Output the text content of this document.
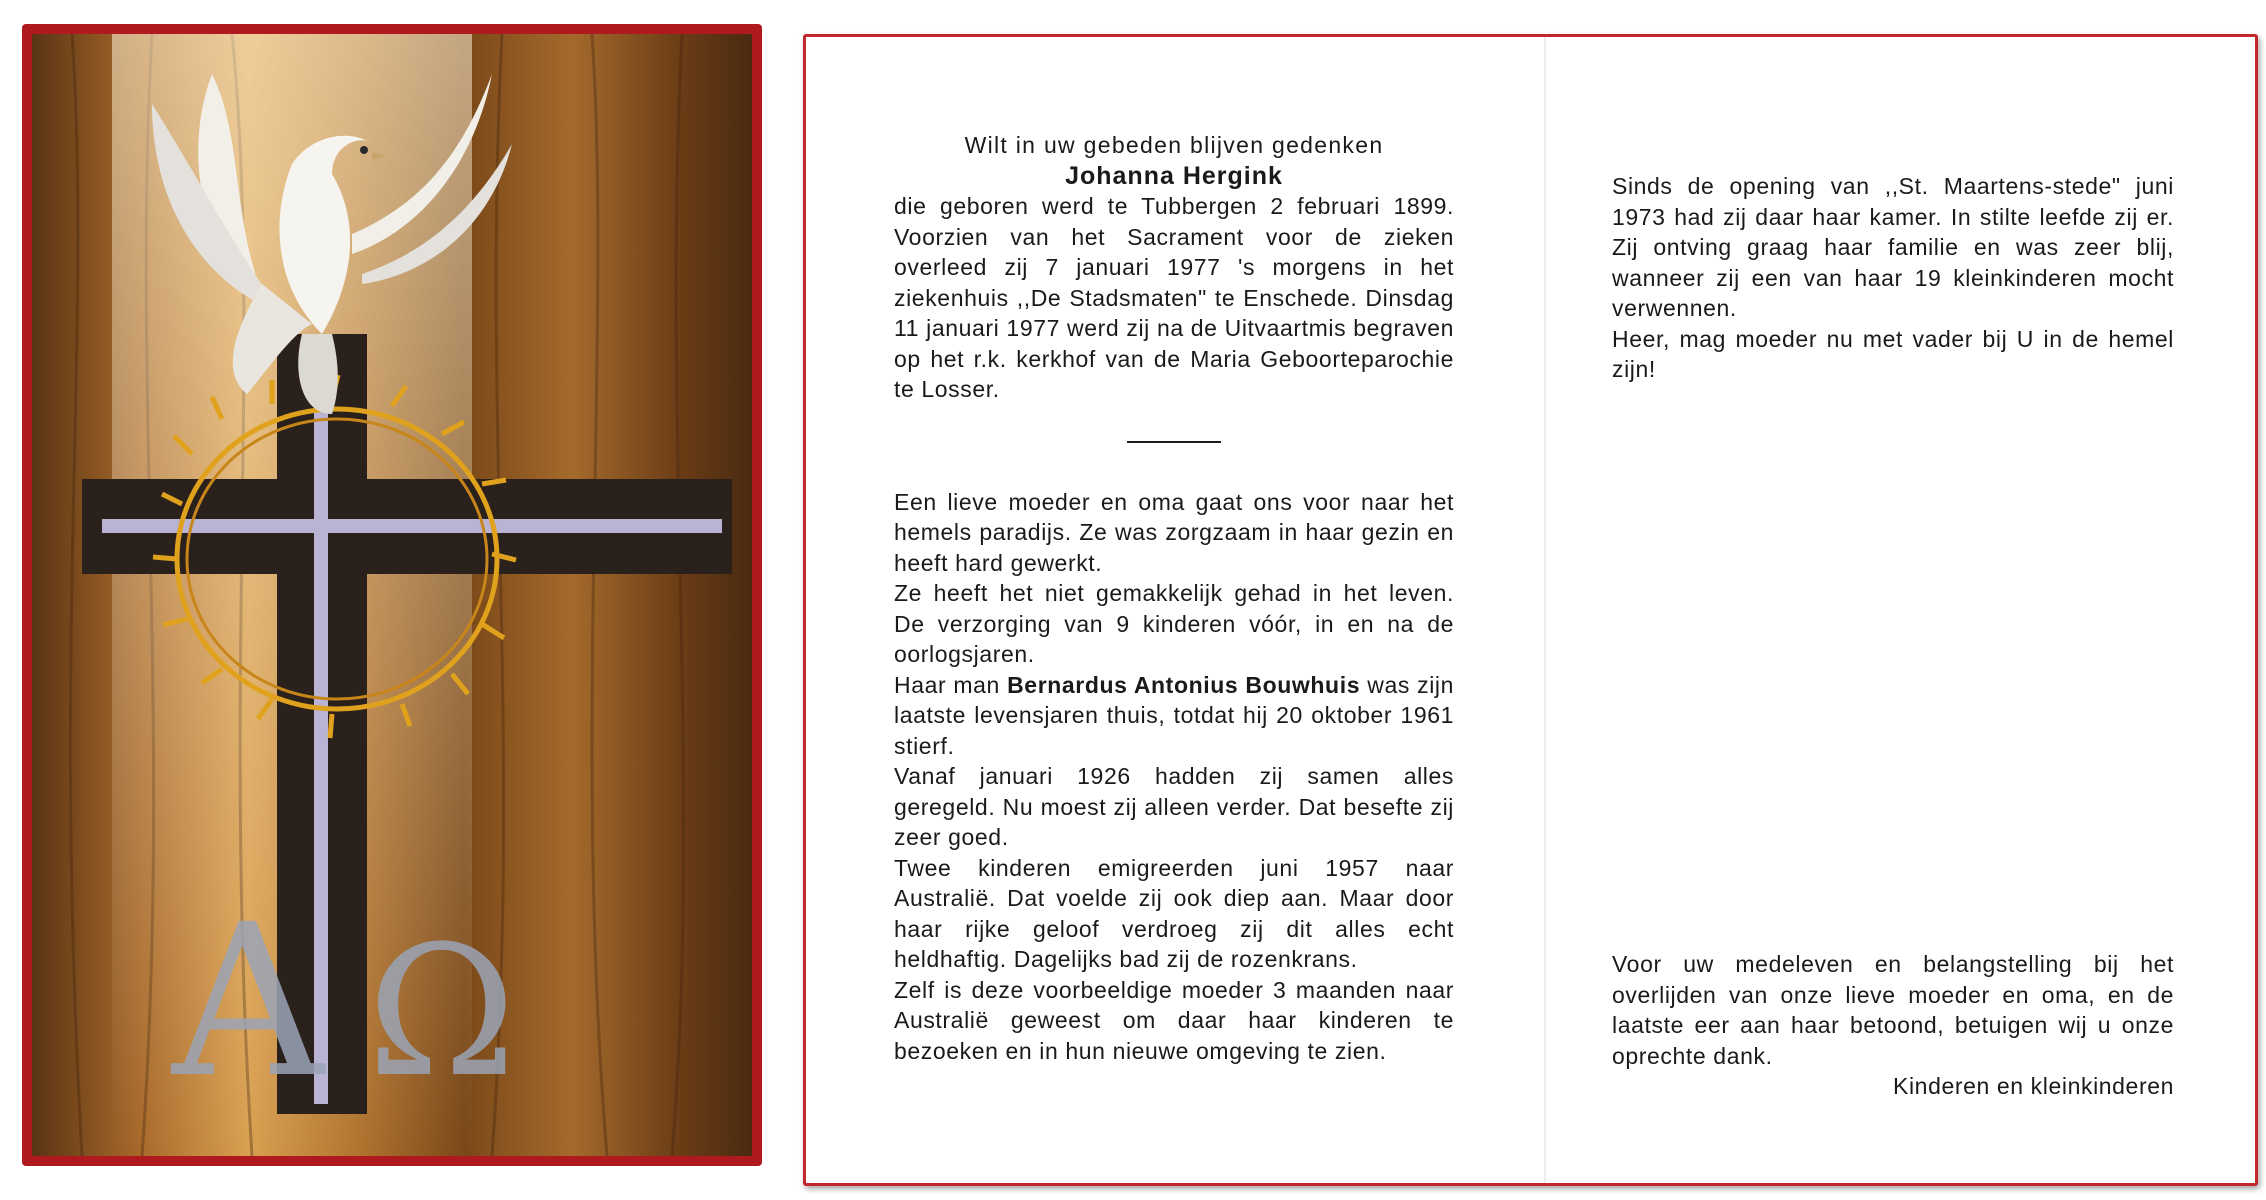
A Ω

Wilt in uw gebeden blijven gedenken

Johanna Hergink

die geboren werd te Tubbergen 2 februari 1899. Voorzien van het Sacrament voor de zieken overleed zij 7 januari 1977 's morgens in het ziekenhuis ,,De Stadsmaten" te Enschede. Dinsdag 11 januari 1977 werd zij na de Uitvaartmis begraven op het r.k. kerkhof van de Maria Geboorteparochie te Losser.

Een lieve moeder en oma gaat ons voor naar het hemels paradijs. Ze was zorgzaam in haar gezin en heeft hard gewerkt.

Ze heeft het niet gemakkelijk gehad in het leven. De verzorging van 9 kinderen vóór, in en na de oorlogsjaren.

Haar man Bernardus Antonius Bouwhuis was zijn laatste levensjaren thuis, totdat hij 20 oktober 1961 stierf.

Vanaf januari 1926 hadden zij samen alles geregeld. Nu moest zij alleen verder. Dat besefte zij zeer goed.

Twee kinderen emigreerden juni 1957 naar Australië. Dat voelde zij ook diep aan. Maar door haar rijke geloof verdroeg zij dit alles echt heldhaftig. Dagelijks bad zij de rozenkrans.

Zelf is deze voorbeeldige moeder 3 maanden naar Australië geweest om daar haar kinderen te bezoeken en in hun nieuwe omgeving te zien.

Sinds de opening van ,,St. Maartens-stede" juni 1973 had zij daar haar kamer. In stilte leefde zij er. Zij ontving graag haar familie en was zeer blij, wanneer zij een van haar 19 kleinkinderen mocht verwennen.

Heer, mag moeder nu met vader bij U in de hemel zijn!

Voor uw medeleven en belangstelling bij het overlijden van onze lieve moeder en oma, en de laatste eer aan haar betoond, betuigen wij u onze oprechte dank.

Kinderen en kleinkinderen
